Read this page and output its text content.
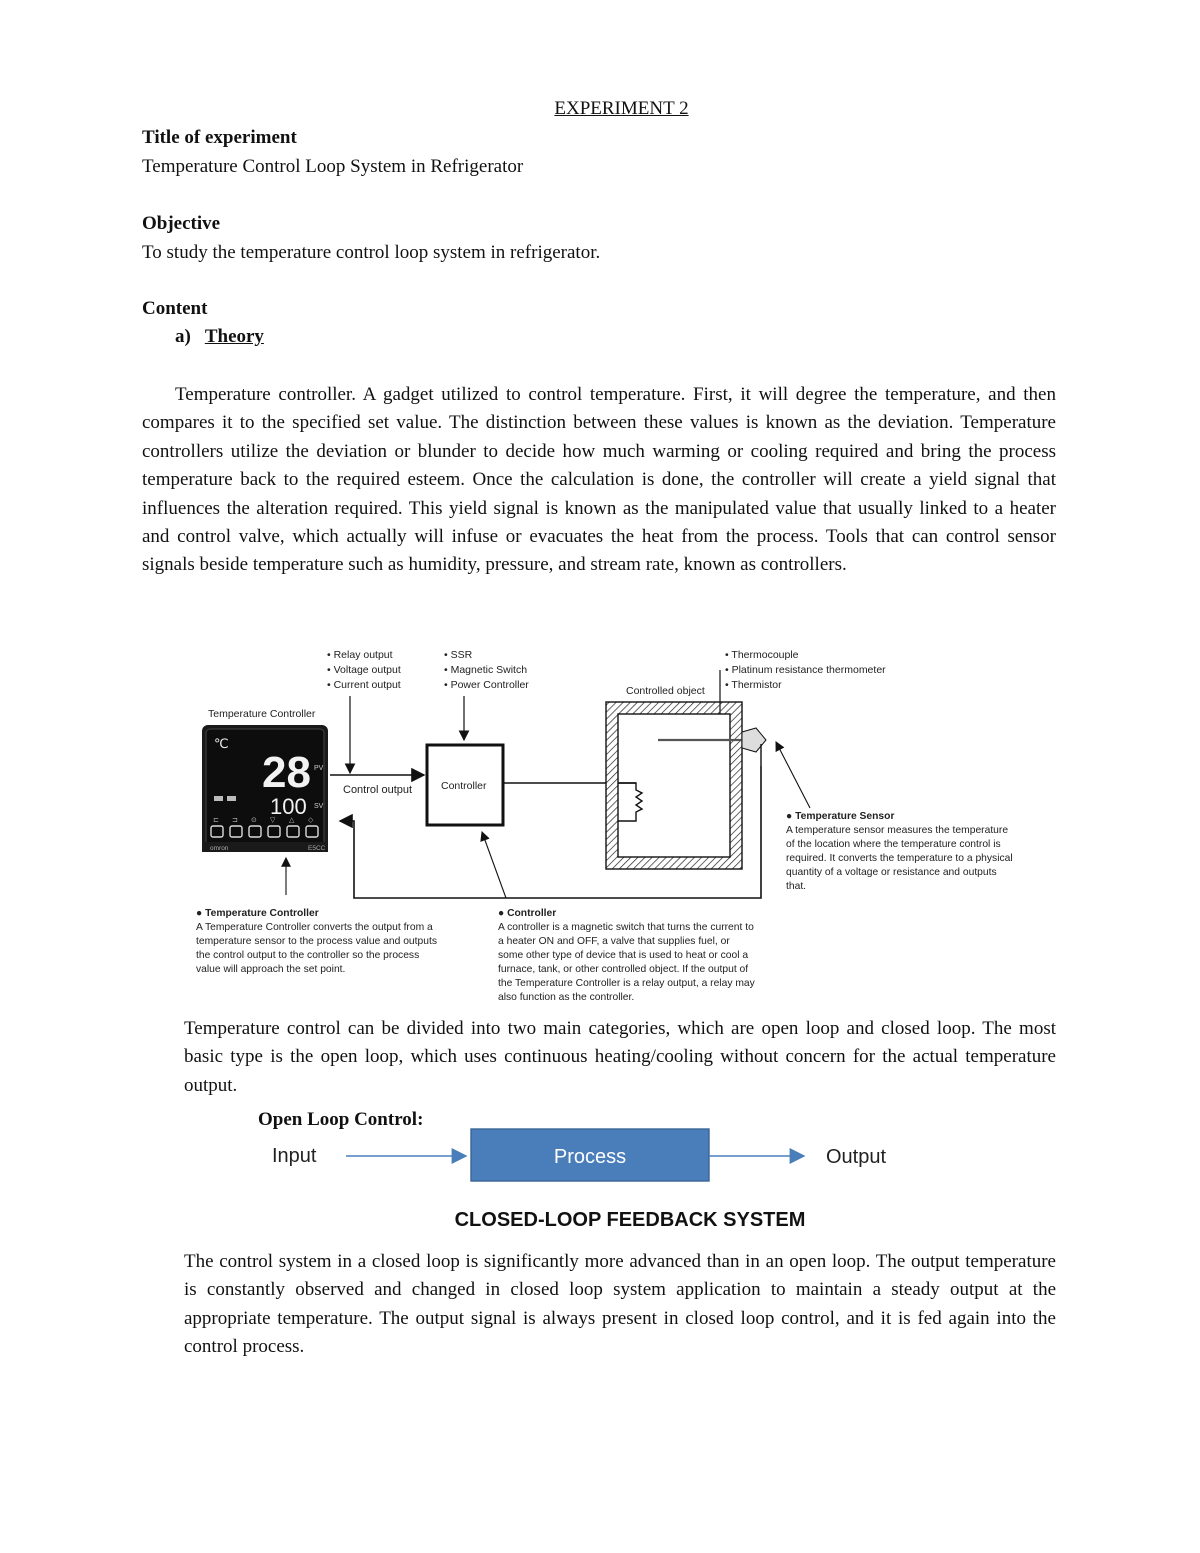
EXPERIMENT 2
Title of experiment
Temperature Control Loop System in Refrigerator
Objective
To study the temperature control loop system in refrigerator.
Content
a) Theory
Temperature controller. A gadget utilized to control temperature. First, it will degree the temperature, and then compares it to the specified set value. The distinction between these values is known as the deviation. Temperature controllers utilize the deviation or blunder to decide how much warming or cooling required and bring the process temperature back to the required esteem. Once the calculation is done, the controller will create a yield signal that influences the alteration required. This yield signal is known as the manipulated value that usually linked to a heater and control valve, which actually will infuse or evacuates the heat from the process. Tools that can control sensor signals beside temperature such as humidity, pressure, and stream rate, known as controllers.
• Relay output
• Voltage output
• Current output
• SSR
• Magnetic Switch
• Power Controller
• Thermocouple
• Platinum resistance thermometer
• Thermistor
Controlled object
Temperature Controller
℃
28 PV
100 SV
⊏ ⊐ ⊙ ▽ △ ◇
omron	E5CC
Control output	Controller
● Temperature Sensor
A temperature sensor measures the temperature
of the location where the temperature control is
required. It converts the temperature to a physical
quantity of a voltage or resistance and outputs
that.
● Temperature Controller
A Temperature Controller converts the output from a
temperature sensor to the process value and outputs
the control output to the controller so the process
value will approach the set point.
● Controller
A controller is a magnetic switch that turns the current to
a heater ON and OFF, a valve that supplies fuel, or
some other type of device that is used to heat or cool a
furnace, tank, or other controlled object. If the output of
the Temperature Controller is a relay output, a relay may
also function as the controller.
Temperature control can be divided into two main categories, which are open loop and closed loop. The most basic type is the open loop, which uses continuous heating/cooling without concern for the actual temperature output.
Open Loop Control:
Input	Process	Output
CLOSED-LOOP FEEDBACK SYSTEM
The control system in a closed loop is significantly more advanced than in an open loop. The output temperature is constantly observed and changed in closed loop system application to maintain a steady output at the appropriate temperature. The output signal is always present in closed loop control, and it is fed again into the control process.
